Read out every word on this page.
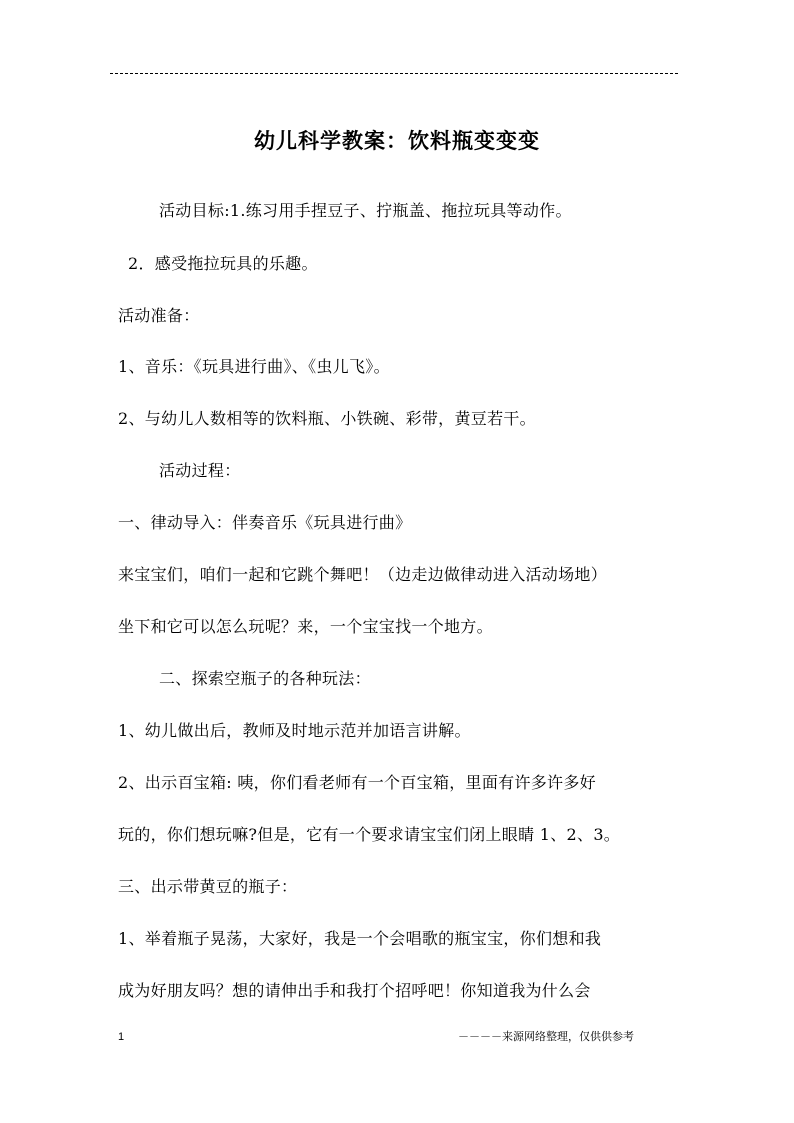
幼儿科学教案：饮料瓶变变变
活动目标:1.练习用手捏豆子、拧瓶盖、拖拉玩具等动作。
2．感受拖拉玩具的乐趣。
活动准备：
1、音乐：《玩具进行曲》、《虫儿飞》。
2、与幼儿人数相等的饮料瓶、小铁碗、彩带，黄豆若干。
活动过程：
一、律动导入：伴奏音乐《玩具进行曲》
来宝宝们，咱们一起和它跳个舞吧！（边走边做律动进入活动场地）
坐下和它可以怎么玩呢？来，一个宝宝找一个地方。
二、探索空瓶子的各种玩法：
1、幼儿做出后，教师及时地示范并加语言讲解。
2、出示百宝箱: 咦，你们看老师有一个百宝箱，里面有许多许多好
玩的，你们想玩嘛?但是，它有一个要求请宝宝们闭上眼睛 1、2、3。
三、出示带黄豆的瓶子：
1、举着瓶子晃荡，大家好，我是一个会唱歌的瓶宝宝，你们想和我
成为好朋友吗？想的请伸出手和我打个招呼吧！你知道我为什么会
1	－－－－来源网络整理，仅供供参考
